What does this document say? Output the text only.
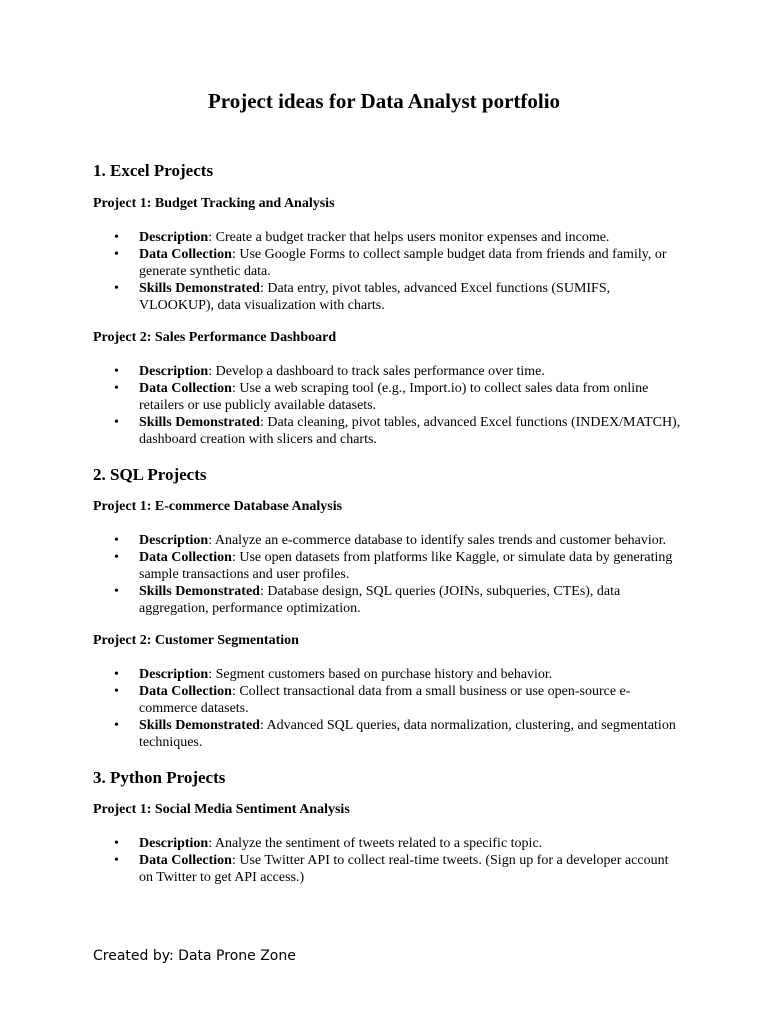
Project ideas for Data Analyst portfolio
1. Excel Projects
Project 1: Budget Tracking and Analysis
• Description: Create a budget tracker that helps users monitor expenses and income.
• Data Collection: Use Google Forms to collect sample budget data from friends and family, or generate synthetic data.
• Skills Demonstrated: Data entry, pivot tables, advanced Excel functions (SUMIFS, VLOOKUP), data visualization with charts.
Project 2: Sales Performance Dashboard
• Description: Develop a dashboard to track sales performance over time.
• Data Collection: Use a web scraping tool (e.g., Import.io) to collect sales data from online retailers or use publicly available datasets.
• Skills Demonstrated: Data cleaning, pivot tables, advanced Excel functions (INDEX/MATCH), dashboard creation with slicers and charts.
2. SQL Projects
Project 1: E-commerce Database Analysis
• Description: Analyze an e-commerce database to identify sales trends and customer behavior.
• Data Collection: Use open datasets from platforms like Kaggle, or simulate data by generating sample transactions and user profiles.
• Skills Demonstrated: Database design, SQL queries (JOINs, subqueries, CTEs), data aggregation, performance optimization.
Project 2: Customer Segmentation
• Description: Segment customers based on purchase history and behavior.
• Data Collection: Collect transactional data from a small business or use open-source e-commerce datasets.
• Skills Demonstrated: Advanced SQL queries, data normalization, clustering, and segmentation techniques.
3. Python Projects
Project 1: Social Media Sentiment Analysis
• Description: Analyze the sentiment of tweets related to a specific topic.
• Data Collection: Use Twitter API to collect real-time tweets. (Sign up for a developer account on Twitter to get API access.)
Created by: Data Prone Zone
